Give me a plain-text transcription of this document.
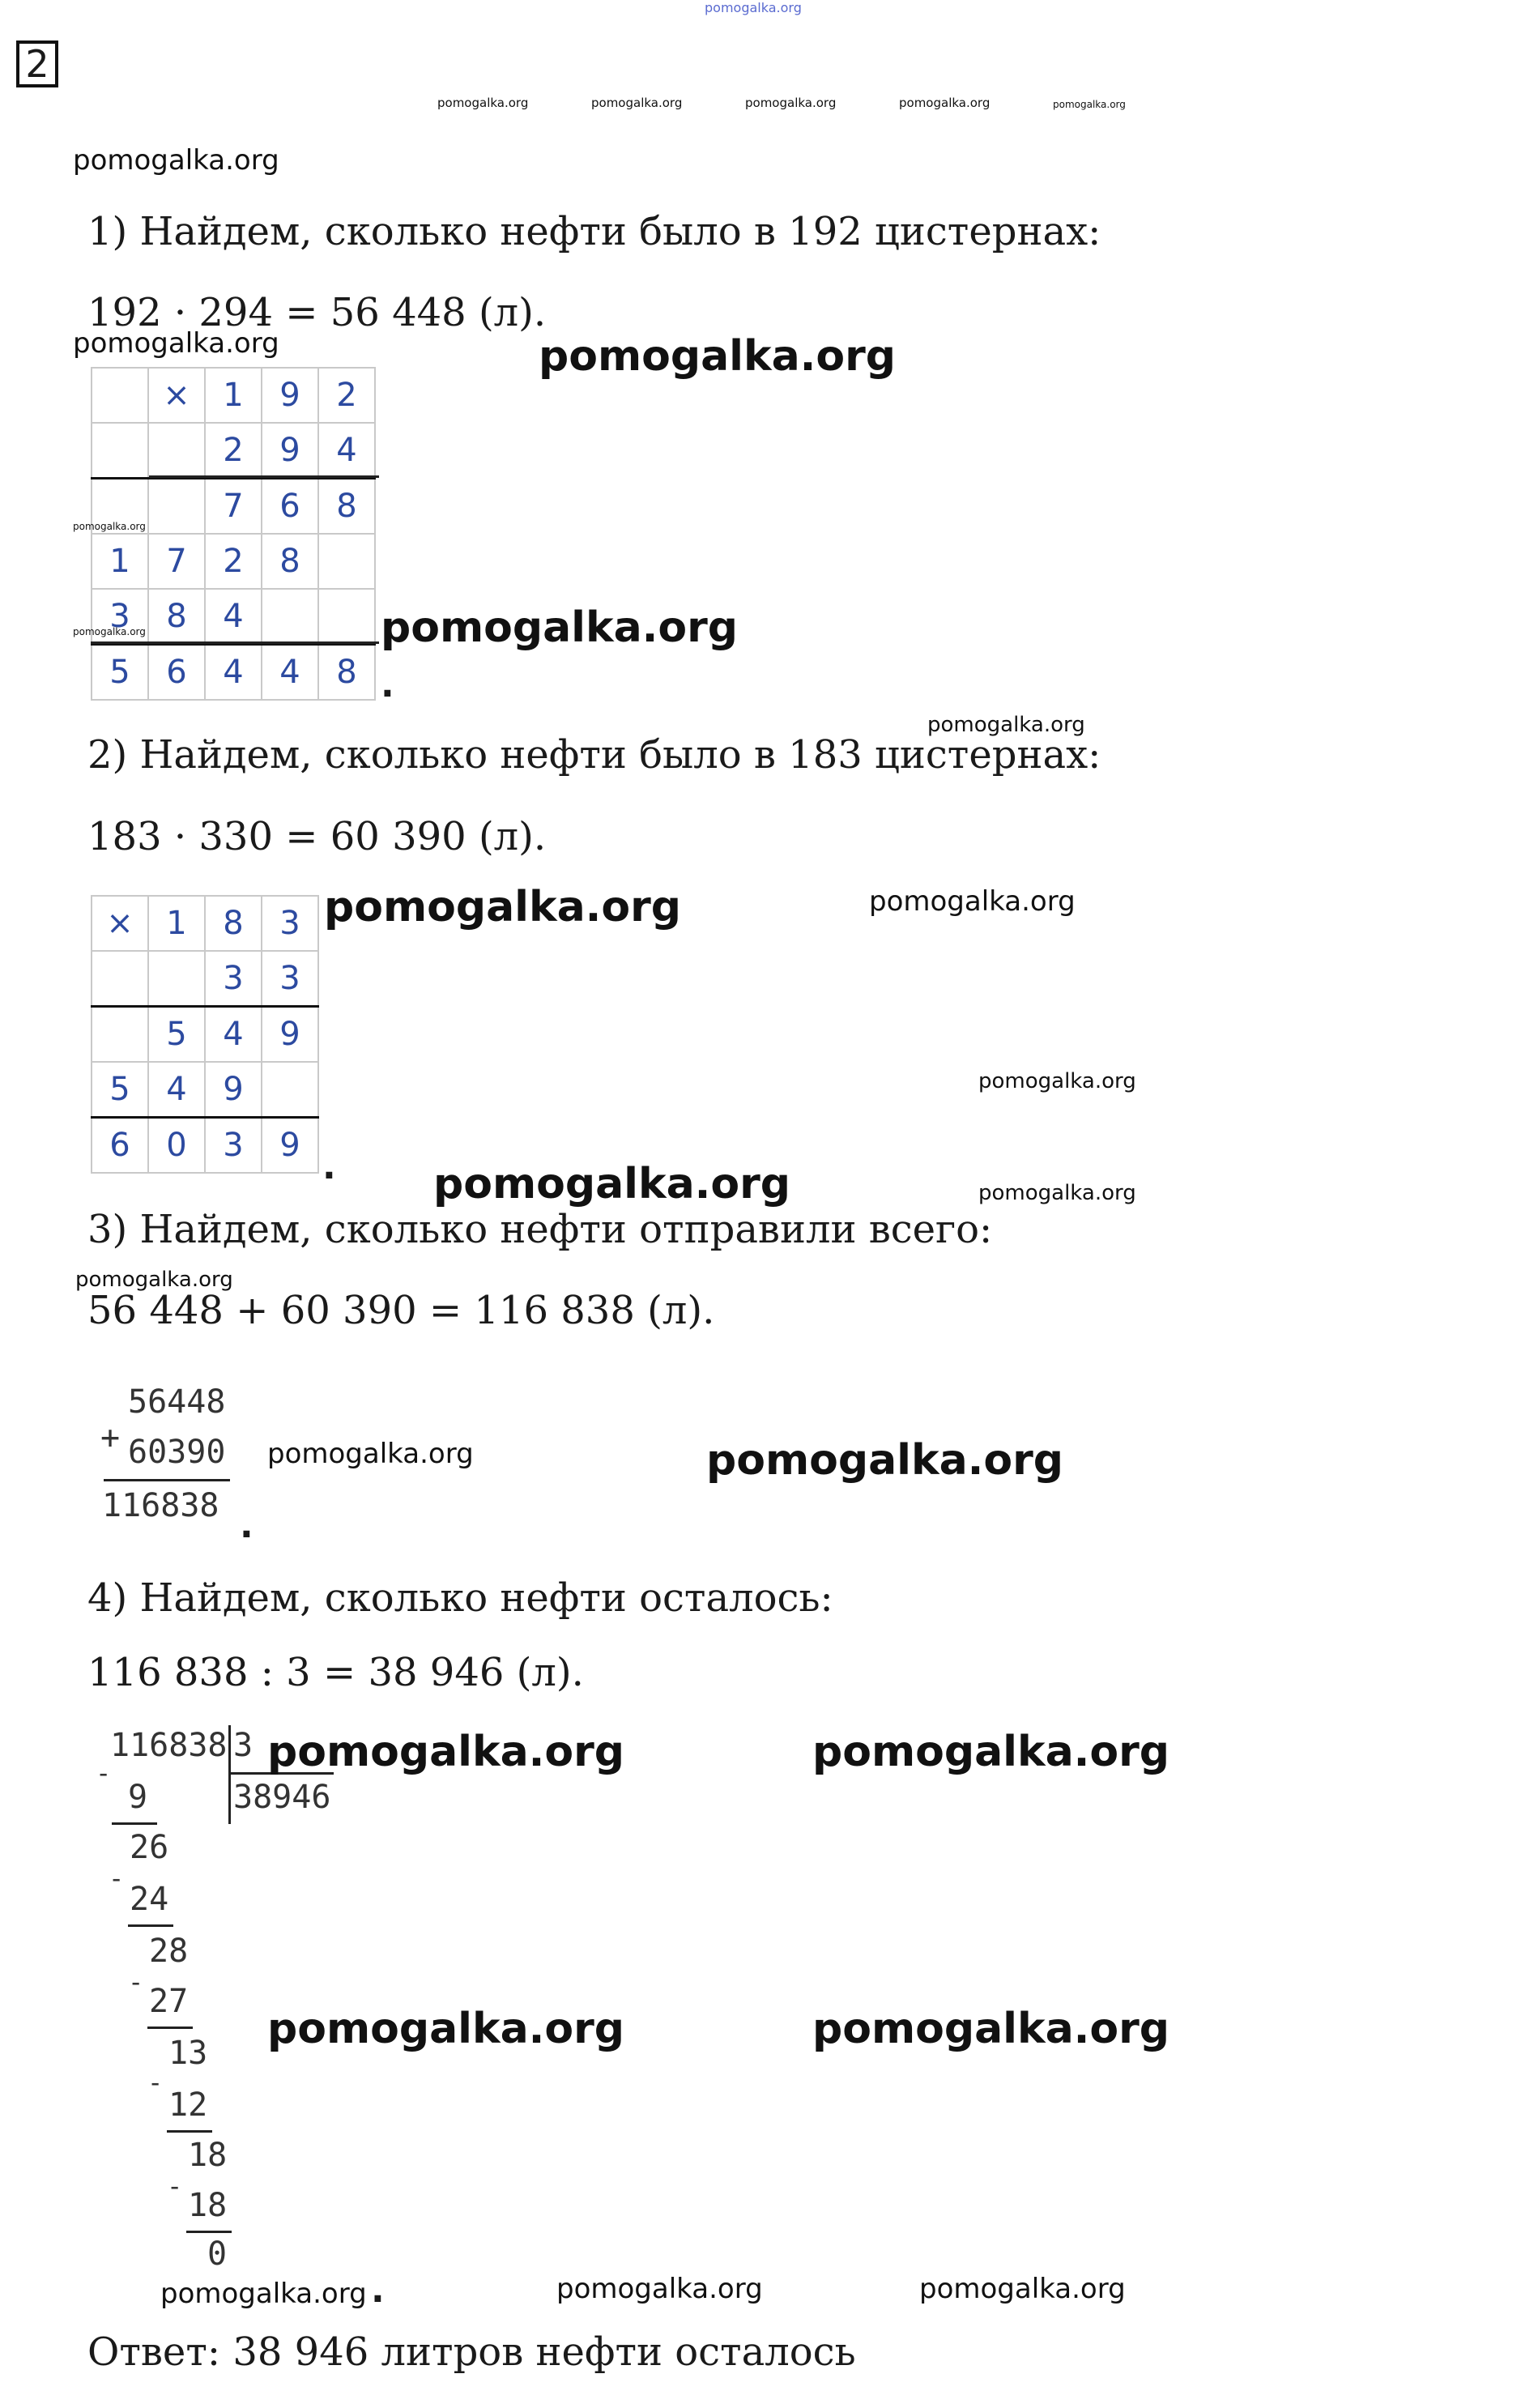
pomogalka.org
2
pomogalka.org	pomogalka.org	pomogalka.org	pomogalka.org	pomogalka.org
pomogalka.org
1) Найдем, сколько нефти было в 192 цистернах:
192 · 294 = 56 448 (л).
pomogalka.org	pomogalka.org
	×	1	9	2
		2	9	4
		7	6	8
1	7	2	8	
3	8	4		
5	6	4	4	8
pomogalka.org
pomogalka.org	pomogalka.org
.
pomogalka.org
2) Найдем, сколько нефти было в 183 цистернах:
183 · 330 = 60 390 (л).
×	1	8	3
		3	3
	5	4	9
5	4	9	
6	0	3	9
pomogalka.org	pomogalka.org
pomogalka.org
. pomogalka.org	pomogalka.org
3) Найдем, сколько нефти отправили всего:
pomogalka.org
56 448 + 60 390 = 116 838 (л).
+
56448
60390
116838 .
pomogalka.org	pomogalka.org
4) Найдем, сколько нефти осталось:
116 838 : 3 = 38 946 (л).
116838 3
38946
-
9
26
-
24
28
-
27
13
-
12
18
-
18
0
pomogalka.org	pomogalka.org
pomogalka.org	pomogalka.org
pomogalka.org .	pomogalka.org	pomogalka.org
Ответ: 38 946 литров нефти осталось
